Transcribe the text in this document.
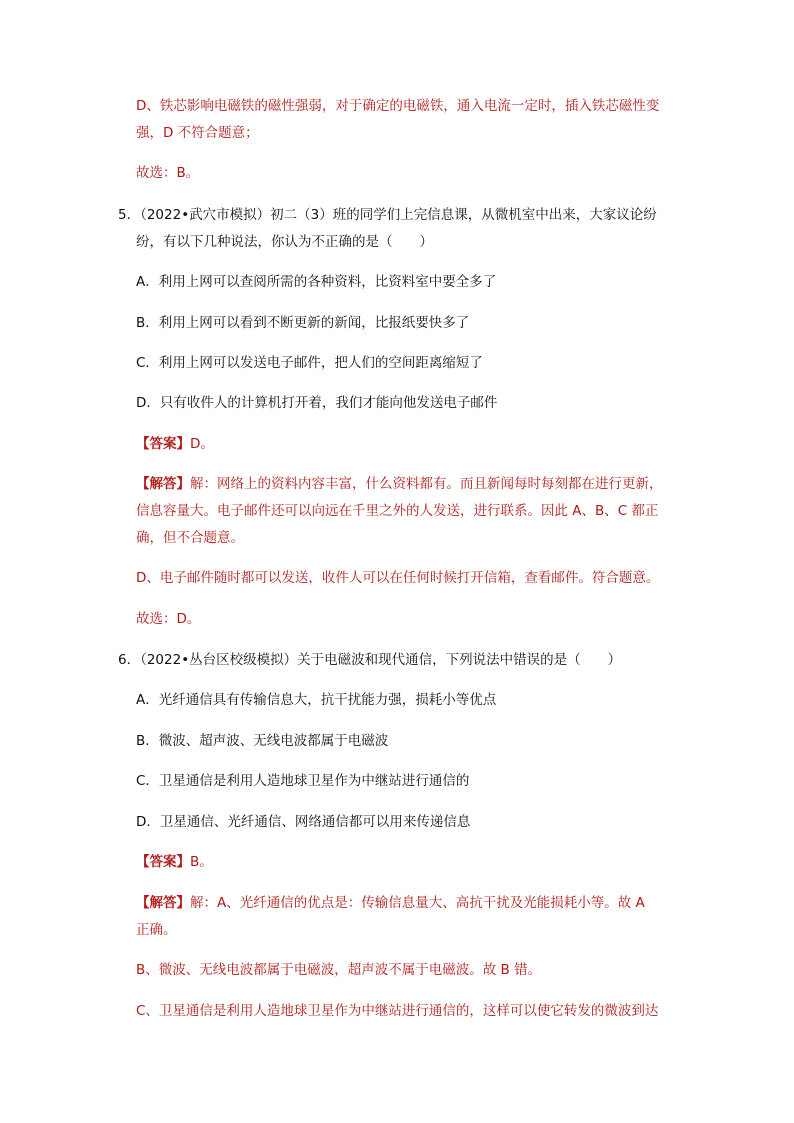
D、铁芯影响电磁铁的磁性强弱，对于确定的电磁铁，通入电流一定时，插入铁芯磁性变
强，D 不符合题意；
故选：B。
5．（2022•武穴市模拟）初二（3）班的同学们上完信息课，从微机室中出来，大家议论纷
纷，有以下几种说法，你认为不正确的是（　　）
A．利用上网可以查阅所需的各种资料，比资料室中要全多了
B．利用上网可以看到不断更新的新闻，比报纸要快多了
C．利用上网可以发送电子邮件，把人们的空间距离缩短了
D．只有收件人的计算机打开着，我们才能向他发送电子邮件
【答案】D。
【解答】解：网络上的资料内容丰富，什么资料都有。而且新闻每时每刻都在进行更新，
信息容量大。电子邮件还可以向远在千里之外的人发送，进行联系。因此 A、B、C 都正
确，但不合题意。
D、电子邮件随时都可以发送，收件人可以在任何时候打开信箱，查看邮件。符合题意。
故选：D。
6．（2022•丛台区校级模拟）关于电磁波和现代通信，下列说法中错误的是（　　）
A．光纤通信具有传输信息大，抗干扰能力强，损耗小等优点
B．微波、超声波、无线电波都属于电磁波
C．卫星通信是利用人造地球卫星作为中继站进行通信的
D．卫星通信、光纤通信、网络通信都可以用来传递信息
【答案】B。
【解答】解：A、光纤通信的优点是：传输信息量大、高抗干扰及光能损耗小等。故 A
正确。
B、微波、无线电波都属于电磁波，超声波不属于电磁波。故 B 错。
C、卫星通信是利用人造地球卫星作为中继站进行通信的，这样可以使它转发的微波到达
